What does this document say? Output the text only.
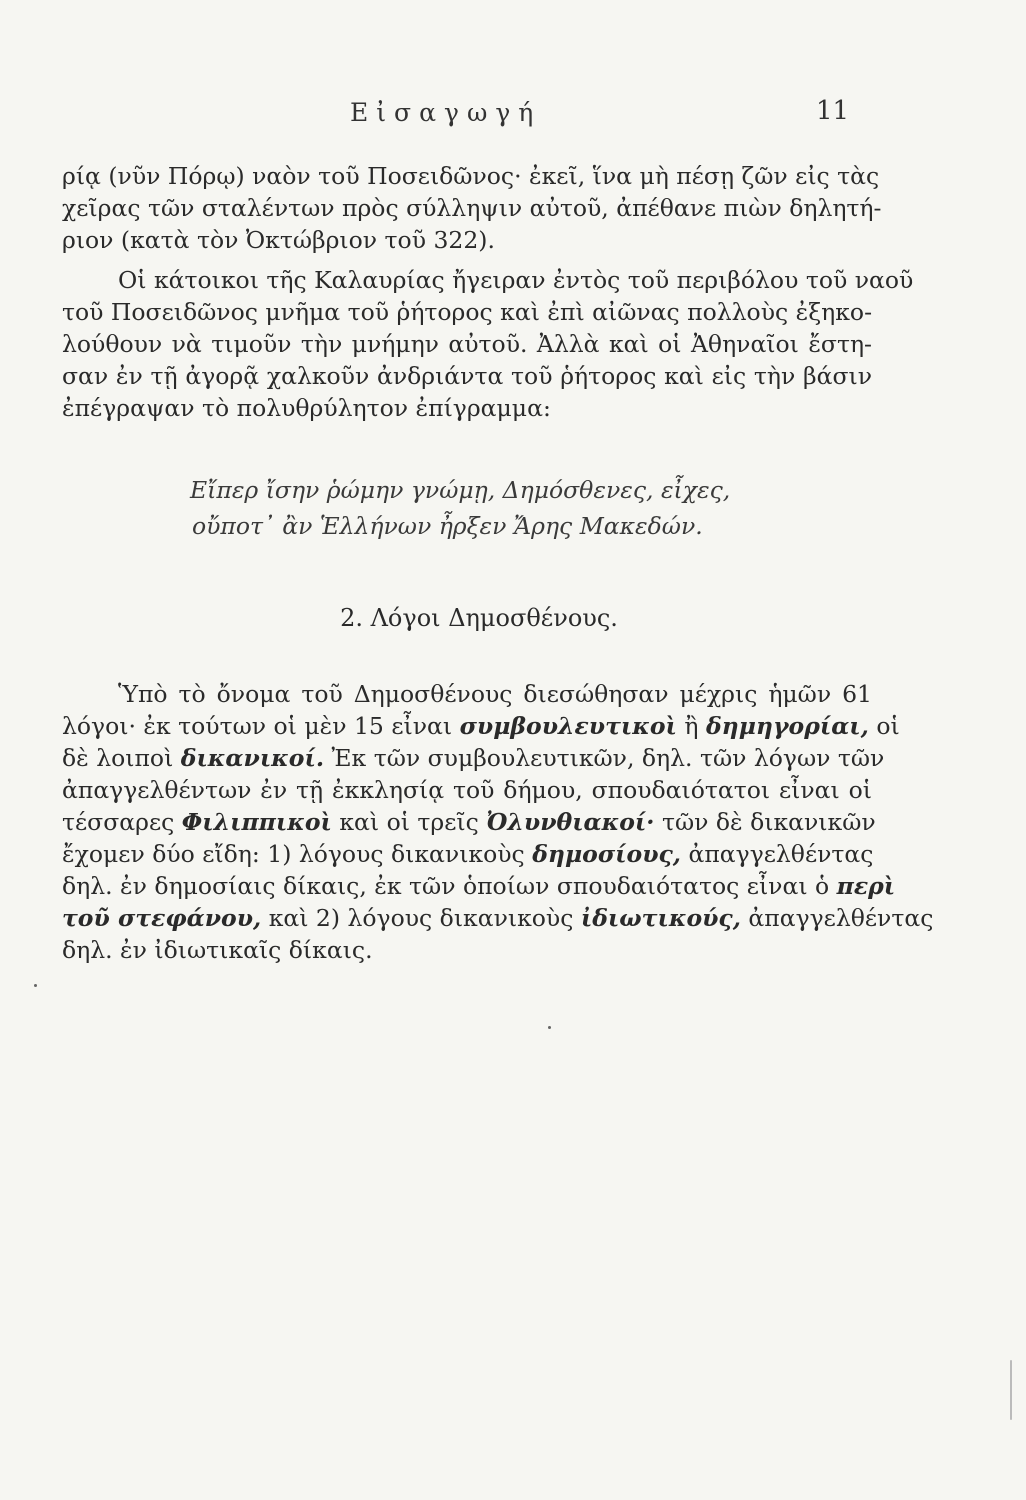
Εἰσαγωγή	11
ρίᾳ (νῦν Πόρῳ) ναὸν τοῦ Ποσειδῶνος· ἐκεῖ, ἵνα μὴ πέσῃ ζῶν εἰς τὰς
χεῖρας τῶν σταλέντων πρὸς σύλληψιν αὐτοῦ, ἀπέθανε πιὼν δηλητή-
ριον (κατὰ τὸν Ὀκτώβριον τοῦ 322).
Οἱ κάτοικοι τῆς Καλαυρίας ἤγειραν ἐντὸς τοῦ περιβόλου τοῦ ναοῦ
τοῦ Ποσειδῶνος μνῆμα τοῦ ῥήτορος καὶ ἐπὶ αἰῶνας πολλοὺς ἐξηκο-
λούθουν νὰ τιμοῦν τὴν μνήμην αὐτοῦ. Ἀλλὰ καὶ οἱ Ἀθηναῖοι ἔστη-
σαν ἐν τῇ ἀγορᾷ χαλκοῦν ἀνδριάντα τοῦ ῥήτορος καὶ εἰς τὴν βάσιν
ἐπέγραψαν τὸ πολυθρύλητον ἐπίγραμμα:
Εἴπερ ἴσην ῥώμην γνώμῃ, Δημόσθενες, εἶχες,
οὔποτ᾽ ἂν Ἑλλήνων ἦρξεν Ἄρης Μακεδών.
2. Λόγοι Δημοσθένους.
Ὑπὸ τὸ ὄνομα τοῦ Δημοσθένους διεσώθησαν μέχρις ἡμῶν 61
λόγοι· ἐκ τούτων οἱ μὲν 15 εἶναι συμβουλευτικοὶ ἢ δημηγορίαι, οἱ
δὲ λοιποὶ δικανικοί. Ἐκ τῶν συμβουλευτικῶν, δηλ. τῶν λόγων τῶν
ἀπαγγελθέντων ἐν τῇ ἐκκλησίᾳ τοῦ δήμου, σπουδαιότατοι εἶναι οἱ
τέσσαρες Φιλιππικοὶ καὶ οἱ τρεῖς Ὀλυνθιακοί· τῶν δὲ δικανικῶν
ἔχομεν δύο εἴδη: 1) λόγους δικανικοὺς δημοσίους, ἀπαγγελθέντας
δηλ. ἐν δημοσίαις δίκαις, ἐκ τῶν ὁποίων σπουδαιότατος εἶναι ὁ περὶ
τοῦ στεφάνου, καὶ 2) λόγους δικανικοὺς ἰδιωτικούς, ἀπαγγελθέντας
δηλ. ἐν ἰδιωτικαῖς δίκαις.
